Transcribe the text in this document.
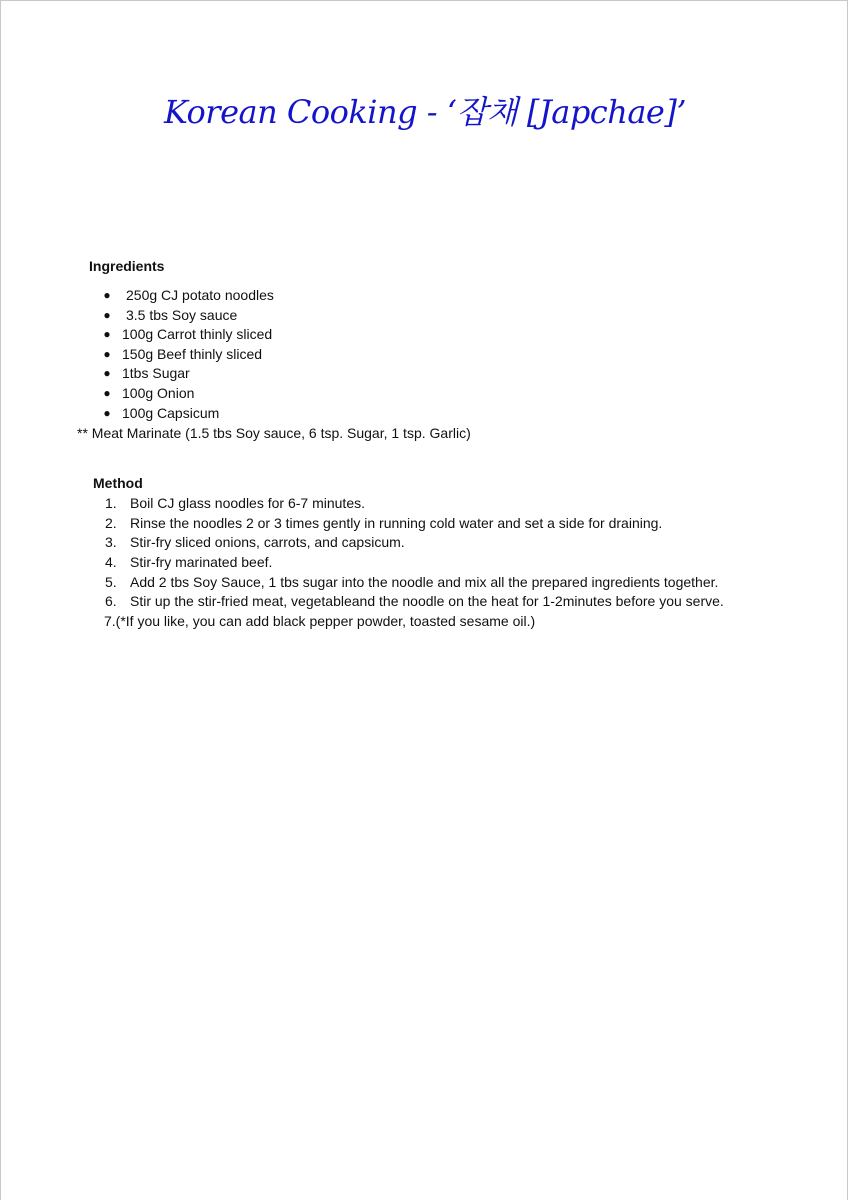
Korean Cooking - ‘잡채 [Japchae]’
Ingredients
● 250g CJ potato noodles
● 3.5 tbs Soy sauce
● 100g Carrot thinly sliced
● 150g Beef thinly sliced
● 1tbs Sugar
● 100g Onion
● 100g Capsicum
** Meat Marinate (1.5 tbs Soy sauce, 6 tsp. Sugar, 1 tsp. Garlic)
Method
1. Boil CJ glass noodles for 6-7 minutes.
2. Rinse the noodles 2 or 3 times gently in running cold water and set a side for draining.
3. Stir-fry sliced onions, carrots, and capsicum.
4. Stir-fry marinated beef.
5. Add 2 tbs Soy Sauce, 1 tbs sugar into the noodle and mix all the prepared ingredients together.
6. Stir up the stir-fried meat, vegetableand the noodle on the heat for 1-2minutes before you serve.
7.(*If you like, you can add black pepper powder, toasted sesame oil.)
